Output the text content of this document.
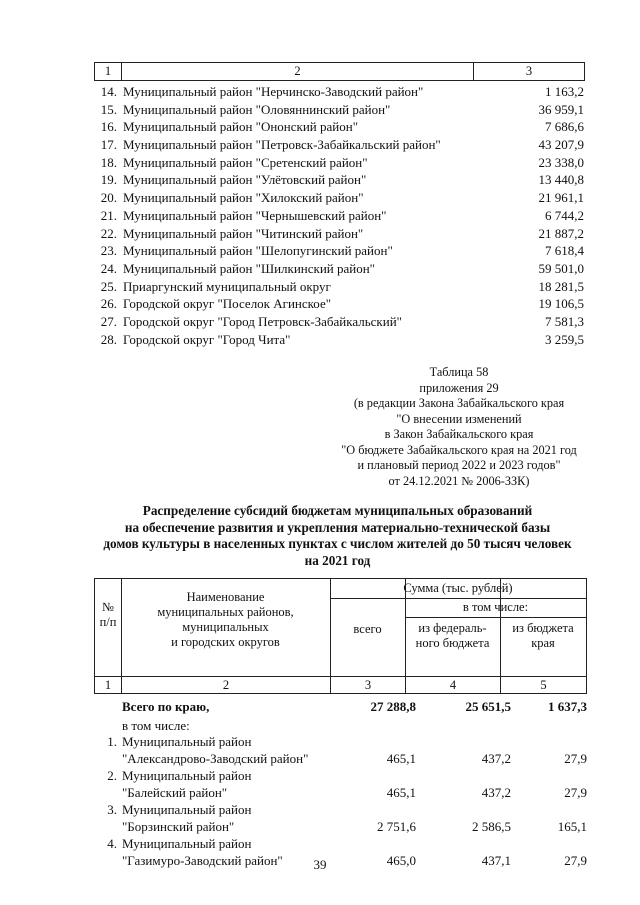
1	2	3
14. Муниципальный район "Нерчинско-Заводский район"	1 163,2
15. Муниципальный район "Оловяннинский район"	36 959,1
16. Муниципальный район "Ононский район"	7 686,6
17. Муниципальный район "Петровск-Забайкальский район"	43 207,9
18. Муниципальный район "Сретенский район"	23 338,0
19. Муниципальный район "Улётовский район"	13 440,8
20. Муниципальный район "Хилокский район"	21 961,1
21. Муниципальный район "Чернышевский район"	6 744,2
22. Муниципальный район "Читинский район"	21 887,2
23. Муниципальный район "Шелопугинский район"	7 618,4
24. Муниципальный район "Шилкинский район"	59 501,0
25. Приаргунский муниципальный округ	18 281,5
26. Городской округ "Поселок Агинское"	19 106,5
27. Городской округ "Город Петровск-Забайкальский"	7 581,3
28. Городской округ "Город Чита"	3 259,5
Таблица 58
приложения 29
(в редакции Закона Забайкальского края
"О внесении изменений
в Закон Забайкальского края
"О бюджете Забайкальского края на 2021 год
и плановый период 2022 и 2023 годов"
от 24.12.2021 № 2006-ЗЗК)
Распределение субсидий бюджетам муниципальных образований
на обеспечение развития и укрепления материально-технической базы
домов культуры в населенных пунктах с числом жителей до 50 тысяч человек
на 2021 год
№
п/п
Наименование
муниципальных районов,
муниципальных
и городских округов
Сумма (тыс. рублей)
в том числе:
всего	из федераль-
ного бюджета
из бюджета
края
1	2	3	4	5
Всего по краю,	27 288,8	25 651,5	1 637,3
в том числе:
1. Муниципальный район
"Александрово-Заводский район"	465,1	437,2	27,9
2. Муниципальный район
"Балейский район"	465,1	437,2	27,9
3. Муниципальный район
"Борзинский район"	2 751,6	2 586,5	165,1
4. Муниципальный район
"Газимуро-Заводский район"	465,0	437,1	27,9
39
